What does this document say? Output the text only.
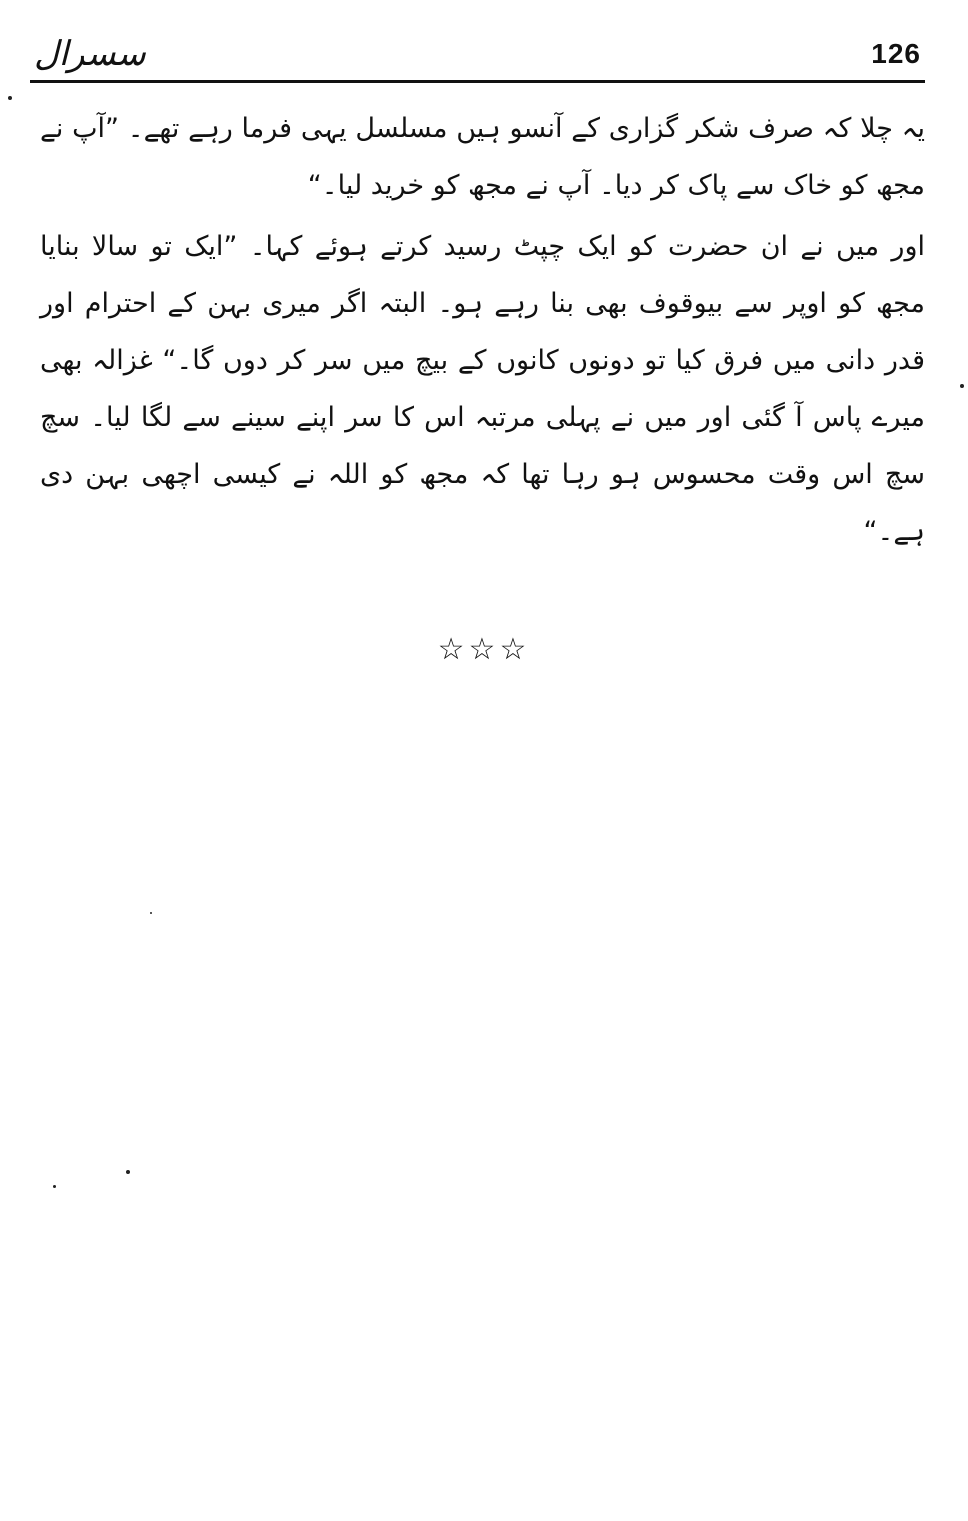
سسرال	126

یہ چلا کہ صرف شکر گزاری کے آنسو ہیں مسلسل یہی فرما رہے تھے۔ ”آپ نے مجھ کو خاک سے پاک کر دیا۔ آپ نے مجھ کو خرید لیا۔“

اور میں نے ان حضرت کو ایک چپٹ رسید کرتے ہوئے کہا۔ ”ایک تو سالا بنایا مجھ کو اوپر سے بیوقوف بھی بنا رہے ہو۔ البتہ اگر میری بہن کے احترام اور قدر دانی میں فرق کیا تو دونوں کانوں کے بیچ میں سر کر دوں گا۔“ غزالہ بھی میرے پاس آ گئی اور میں نے پہلی مرتبہ اس کا سر اپنے سینے سے لگا لیا۔ سچ سچ اس وقت محسوس ہو رہا تھا کہ مجھ کو اللہ نے کیسی اچھی بہن دی ہے۔“

☆☆☆
